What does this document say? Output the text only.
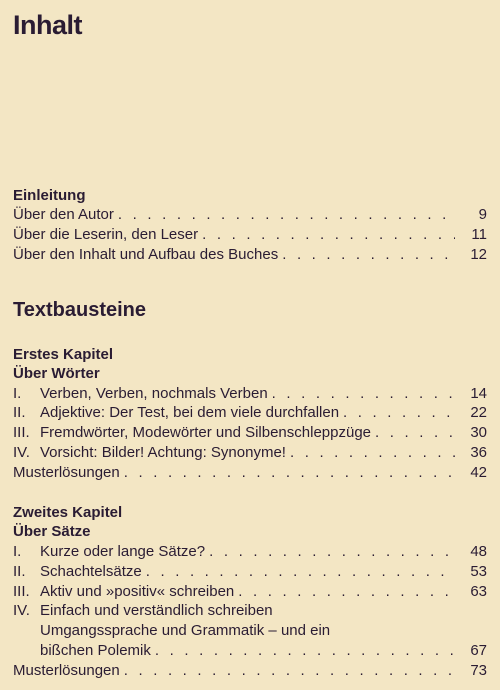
Inhalt
Einleitung
Über den Autor . . .	9
Über die Leserin, den Leser . . .	11
Über den Inhalt und Aufbau des Buches . . .	12
Textbausteine
Erstes Kapitel
Über Wörter
I.	Verben, Verben, nochmals Verben . . .	14
II. Adjektive: Der Test, bei dem viele durchfallen . . .	22
III. Fremdwörter, Modewörter und Silbenschleppzüge . . .	30
IV. Vorsicht: Bilder! Achtung: Synonyme! . . .	36
Musterlösungen . . .	42
Zweites Kapitel
Über Sätze
I.	Kurze oder lange Sätze? . . .	48
II. Schachtelsätze . . .	53
III. Aktiv und »positiv« schreiben . . .	63
IV. Einfach und verständlich schreiben
Umgangssprache und Grammatik – und ein
bißchen Polemik . . .	67
Musterlösungen . . .	73
